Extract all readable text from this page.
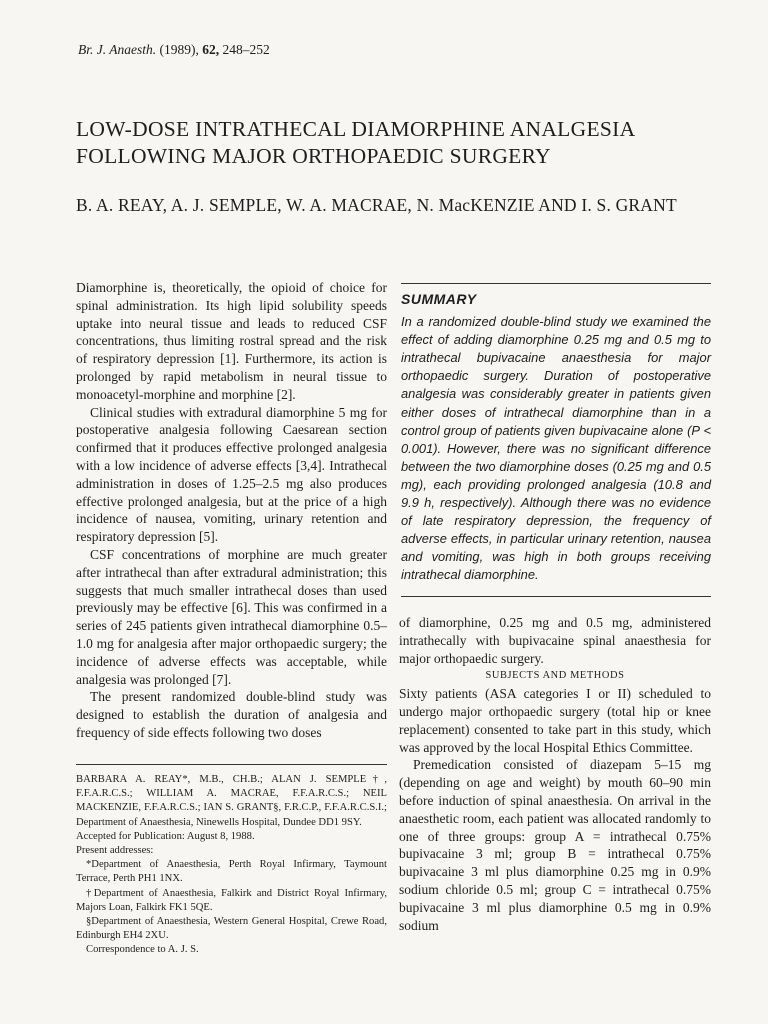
Br. J. Anaesth. (1989), 62, 248–252
LOW-DOSE INTRATHECAL DIAMORPHINE ANALGESIA FOLLOWING MAJOR ORTHOPAEDIC SURGERY
B. A. REAY, A. J. SEMPLE, W. A. MACRAE, N. MacKENZIE AND I. S. GRANT

Diamorphine is, theoretically, the opioid of choice for spinal administration. Its high lipid solubility speeds uptake into neural tissue and leads to reduced CSF concentrations, thus limiting rostral spread and the risk of respiratory depression [1]. Furthermore, its action is prolonged by rapid metabolism in neural tissue to monoacetyl-morphine and morphine [2].

Clinical studies with extradural diamorphine 5 mg for postoperative analgesia following Caesarean section confirmed that it produces effective prolonged analgesia with a low incidence of adverse effects [3,4]. Intrathecal administration in doses of 1.25–2.5 mg also produces effective prolonged analgesia, but at the price of a high incidence of nausea, vomiting, urinary retention and respiratory depression [5].

CSF concentrations of morphine are much greater after intrathecal than after extradural administration; this suggests that much smaller intrathecal doses than used previously may be effective [6]. This was confirmed in a series of 245 patients given intrathecal diamorphine 0.5–1.0 mg for analgesia after major orthopaedic surgery; the incidence of adverse effects was acceptable, while analgesia was prolonged [7].

The present randomized double-blind study was designed to establish the duration of analgesia and frequency of side effects following two doses

BARBARA A. REAY*, M.B., CH.B.; ALAN J. SEMPLE†, F.F.A.R.C.S.; WILLIAM A. MACRAE, F.F.A.R.C.S.; NEIL MACKENZIE, F.F.A.R.C.S.; IAN S. GRANT§, F.R.C.P., F.F.A.R.C.S.I.; Department of Anaesthesia, Ninewells Hospital, Dundee DD1 9SY.

Accepted for Publication: August 8, 1988.

Present addresses:

*Department of Anaesthesia, Perth Royal Infirmary, Taymount Terrace, Perth PH1 1NX.

†Department of Anaesthesia, Falkirk and District Royal Infirmary, Majors Loan, Falkirk FK1 5QE.

§Department of Anaesthesia, Western General Hospital, Crewe Road, Edinburgh EH4 2XU.

Correspondence to A. J. S.

SUMMARY
In a randomized double-blind study we examined the effect of adding diamorphine 0.25 mg and 0.5 mg to intrathecal bupivacaine anaesthesia for major orthopaedic surgery. Duration of postoperative analgesia was considerably greater in patients given either doses of intrathecal diamorphine than in a control group of patients given bupivacaine alone (P < 0.001). However, there was no significant difference between the two diamorphine doses (0.25 mg and 0.5 mg), each providing prolonged analgesia (10.8 and 9.9 h, respectively). Although there was no evidence of late respiratory depression, the frequency of adverse effects, in particular urinary retention, nausea and vomiting, was high in both groups receiving intrathecal diamorphine.

of diamorphine, 0.25 mg and 0.5 mg, administered intrathecally with bupivacaine spinal anaesthesia for major orthopaedic surgery.

SUBJECTS AND METHODS

Sixty patients (ASA categories I or II) scheduled to undergo major orthopaedic surgery (total hip or knee replacement) consented to take part in this study, which was approved by the local Hospital Ethics Committee.

Premedication consisted of diazepam 5–15 mg (depending on age and weight) by mouth 60–90 min before induction of spinal anaesthesia. On arrival in the anaesthetic room, each patient was allocated randomly to one of three groups: group A = intrathecal 0.75% bupivacaine 3 ml; group B = intrathecal 0.75% bupivacaine 3 ml plus diamorphine 0.25 mg in 0.9% sodium chloride 0.5 ml; group C = intrathecal 0.75% bupivacaine 3 ml plus diamorphine 0.5 mg in 0.9% sodium
